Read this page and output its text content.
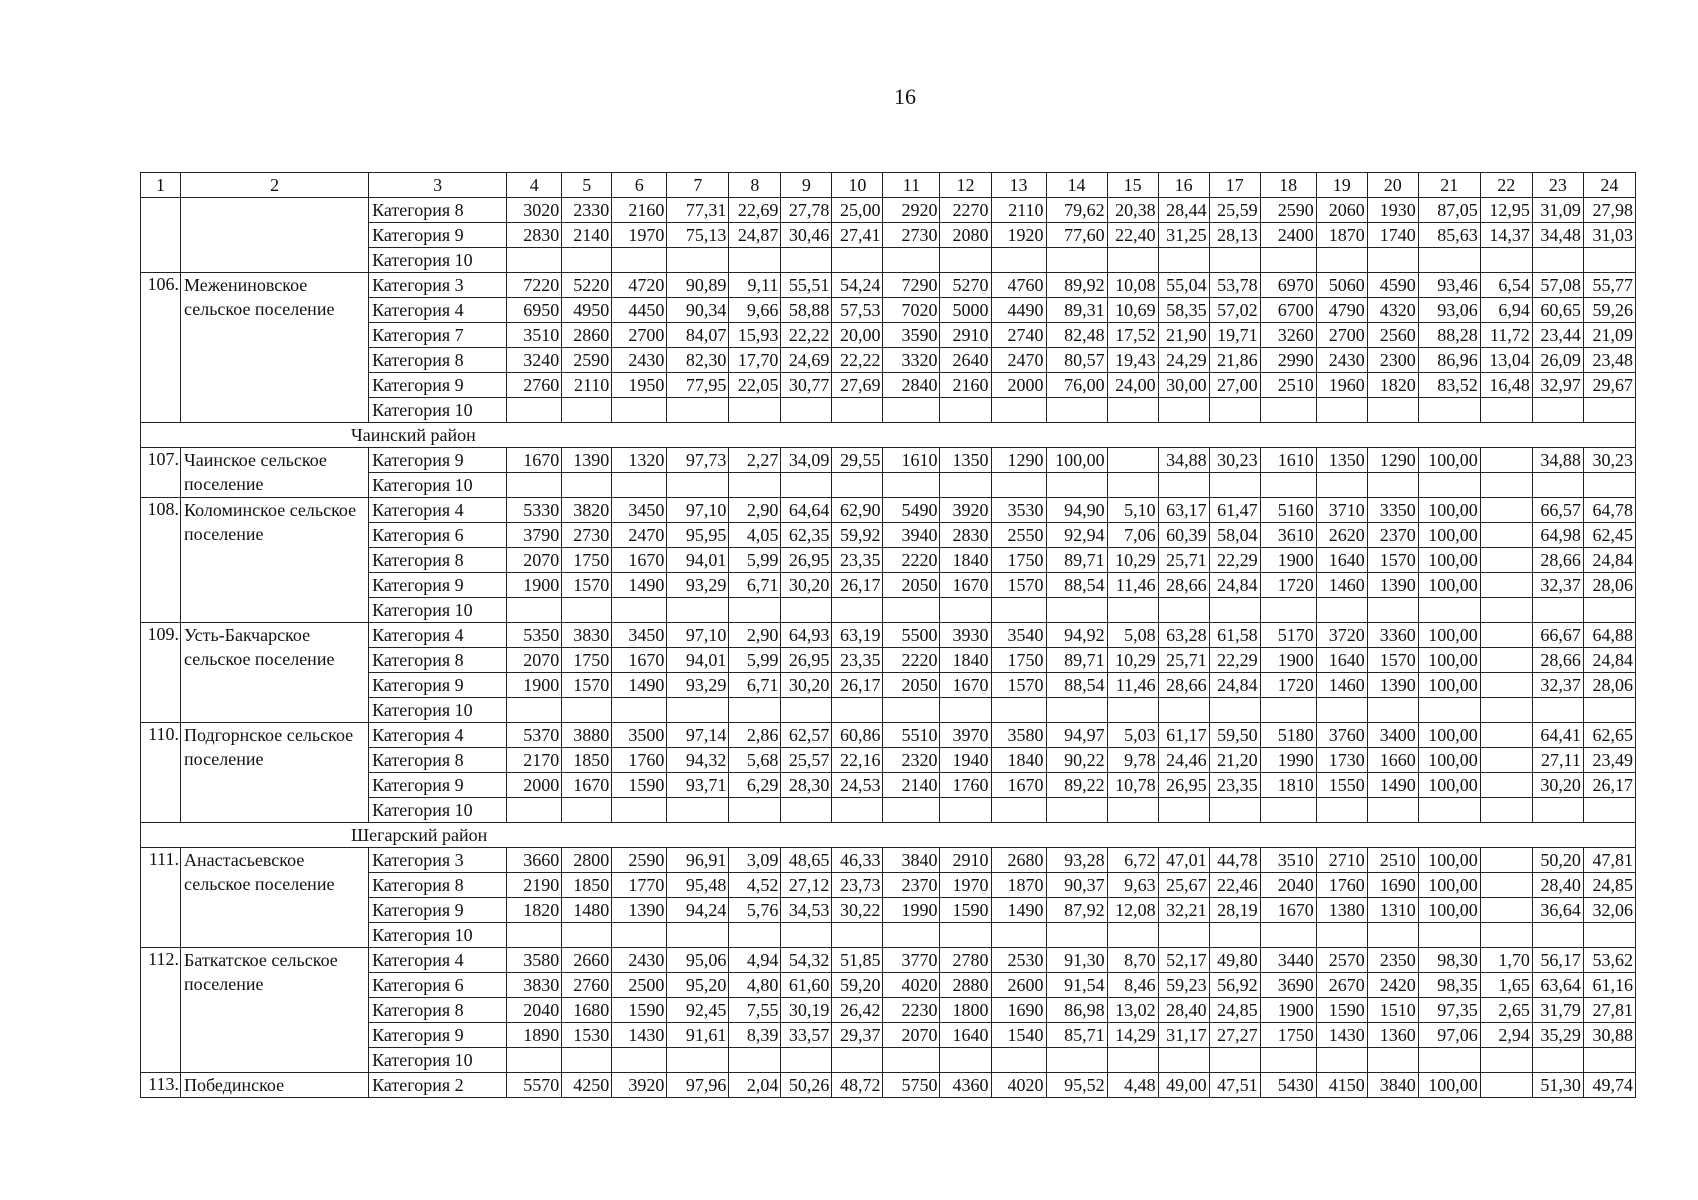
16
1	2	3	4	5	6	7	8	9	10	11	12	13	14	15	16	17	18	19	20	21	22	23	24
		Категория 8	3020	2330	2160	77,31	22,69	27,78	25,00	2920	2270	2110	79,62	20,38	28,44	25,59	2590	2060	1930	87,05	12,95	31,09	27,98
		Категория 9	2830	2140	1970	75,13	24,87	30,46	27,41	2730	2080	1920	77,60	22,40	31,25	28,13	2400	1870	1740	85,63	14,37	34,48	31,03
		Категория 10																					
106.	Межениновское сельское поселение	Категория 3	7220	5220	4720	90,89	9,11	55,51	54,24	7290	5270	4760	89,92	10,08	55,04	53,78	6970	5060	4590	93,46	6,54	57,08	55,77
		Категория 4	6950	4950	4450	90,34	9,66	58,88	57,53	7020	5000	4490	89,31	10,69	58,35	57,02	6700	4790	4320	93,06	6,94	60,65	59,26
		Категория 7	3510	2860	2700	84,07	15,93	22,22	20,00	3590	2910	2740	82,48	17,52	21,90	19,71	3260	2700	2560	88,28	11,72	23,44	21,09
		Категория 8	3240	2590	2430	82,30	17,70	24,69	22,22	3320	2640	2470	80,57	19,43	24,29	21,86	2990	2430	2300	86,96	13,04	26,09	23,48
		Категория 9	2760	2110	1950	77,95	22,05	30,77	27,69	2840	2160	2000	76,00	24,00	30,00	27,00	2510	1960	1820	83,52	16,48	32,97	29,67
		Категория 10																					
Чаинский район																							
107.	Чаинское сельское поселение	Категория 9	1670	1390	1320	97,73	2,27	34,09	29,55	1610	1350	1290	100,00		34,88	30,23	1610	1350	1290	100,00		34,88	30,23
		Категория 10																					
108.	Коломинское сельское поселение	Категория 4	5330	3820	3450	97,10	2,90	64,64	62,90	5490	3920	3530	94,90	5,10	63,17	61,47	5160	3710	3350	100,00		66,57	64,78
		Категория 6	3790	2730	2470	95,95	4,05	62,35	59,92	3940	2830	2550	92,94	7,06	60,39	58,04	3610	2620	2370	100,00		64,98	62,45
		Категория 8	2070	1750	1670	94,01	5,99	26,95	23,35	2220	1840	1750	89,71	10,29	25,71	22,29	1900	1640	1570	100,00		28,66	24,84
		Категория 9	1900	1570	1490	93,29	6,71	30,20	26,17	2050	1670	1570	88,54	11,46	28,66	24,84	1720	1460	1390	100,00		32,37	28,06
		Категория 10																					
109.	Усть-Бакчарское сельское поселение	Категория 4	5350	3830	3450	97,10	2,90	64,93	63,19	5500	3930	3540	94,92	5,08	63,28	61,58	5170	3720	3360	100,00		66,67	64,88
		Категория 8	2070	1750	1670	94,01	5,99	26,95	23,35	2220	1840	1750	89,71	10,29	25,71	22,29	1900	1640	1570	100,00		28,66	24,84
		Категория 9	1900	1570	1490	93,29	6,71	30,20	26,17	2050	1670	1570	88,54	11,46	28,66	24,84	1720	1460	1390	100,00		32,37	28,06
		Категория 10																					
110.	Подгорнское сельское поселение	Категория 4	5370	3880	3500	97,14	2,86	62,57	60,86	5510	3970	3580	94,97	5,03	61,17	59,50	5180	3760	3400	100,00		64,41	62,65
		Категория 8	2170	1850	1760	94,32	5,68	25,57	22,16	2320	1940	1840	90,22	9,78	24,46	21,20	1990	1730	1660	100,00		27,11	23,49
		Категория 9	2000	1670	1590	93,71	6,29	28,30	24,53	2140	1760	1670	89,22	10,78	26,95	23,35	1810	1550	1490	100,00		30,20	26,17
		Категория 10																					
Шегарский район																							
111.	Анастасьевское сельское поселение	Категория 3	3660	2800	2590	96,91	3,09	48,65	46,33	3840	2910	2680	93,28	6,72	47,01	44,78	3510	2710	2510	100,00		50,20	47,81
		Категория 8	2190	1850	1770	95,48	4,52	27,12	23,73	2370	1970	1870	90,37	9,63	25,67	22,46	2040	1760	1690	100,00		28,40	24,85
		Категория 9	1820	1480	1390	94,24	5,76	34,53	30,22	1990	1590	1490	87,92	12,08	32,21	28,19	1670	1380	1310	100,00		36,64	32,06
		Категория 10																					
112.	Баткатское сельское поселение	Категория 4	3580	2660	2430	95,06	4,94	54,32	51,85	3770	2780	2530	91,30	8,70	52,17	49,80	3440	2570	2350	98,30	1,70	56,17	53,62
		Категория 6	3830	2760	2500	95,20	4,80	61,60	59,20	4020	2880	2600	91,54	8,46	59,23	56,92	3690	2670	2420	98,35	1,65	63,64	61,16
		Категория 8	2040	1680	1590	92,45	7,55	30,19	26,42	2230	1800	1690	86,98	13,02	28,40	24,85	1900	1590	1510	97,35	2,65	31,79	27,81
		Категория 9	1890	1530	1430	91,61	8,39	33,57	29,37	2070	1640	1540	85,71	14,29	31,17	27,27	1750	1430	1360	97,06	2,94	35,29	30,88
		Категория 10																					
113.	Побединское	Категория 2	5570	4250	3920	97,96	2,04	50,26	48,72	5750	4360	4020	95,52	4,48	49,00	47,51	5430	4150	3840	100,00		51,30	49,74
